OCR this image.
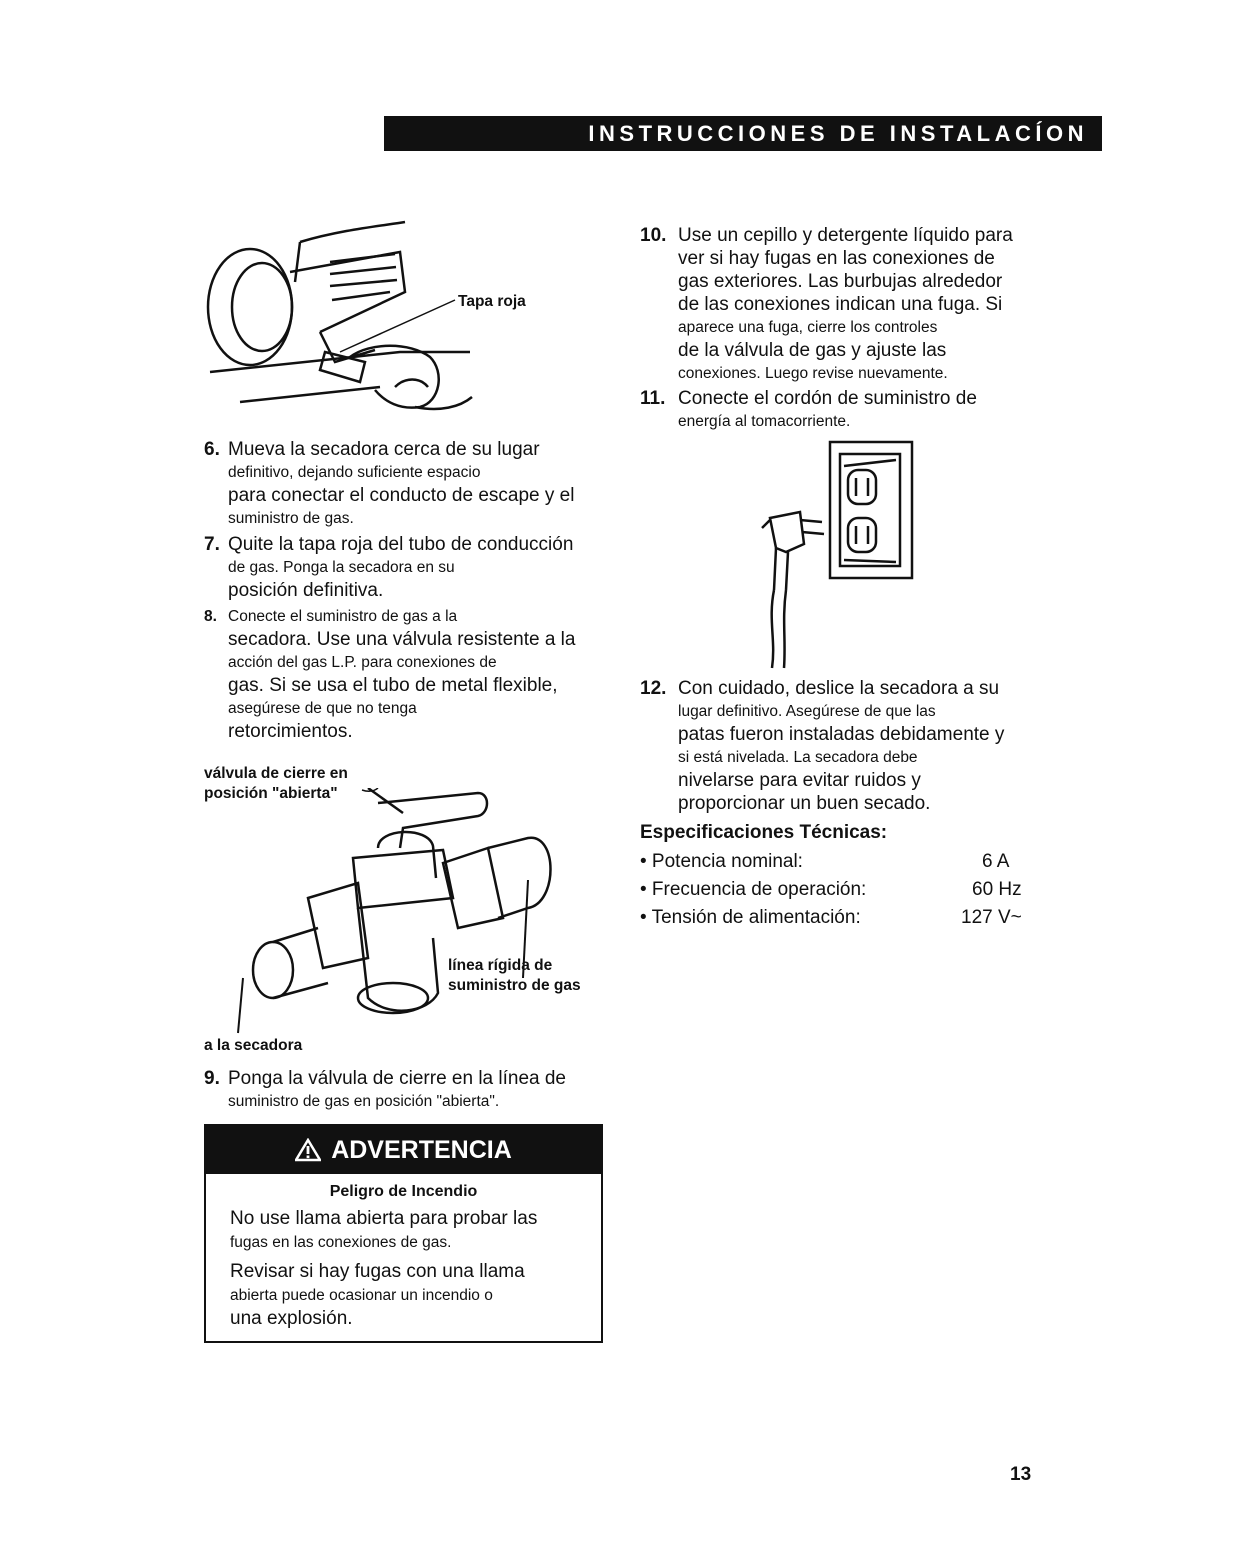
INSTRUCCIONES DE INSTALACÍON
Tapa roja
6. Mueva la secadora cerca de su lugar
definitivo, dejando suficiente espacio
para conectar el conducto de escape y el
suministro de gas.
7. Quite la tapa roja del tubo de conducción
de gas. Ponga la secadora en su
posición definitiva.
8. Conecte el suministro de gas a la
secadora. Use una válvula resistente a la
acción del gas L.P. para conexiones de
gas. Si se usa el tubo de metal flexible,
asegúrese de que no tenga
retorcimientos.
válvula de cierre en
posición "abierta"
línea rígida de
suministro de gas
a la secadora
9. Ponga la válvula de cierre en la línea de
suministro de gas en posición "abierta".
ADVERTENCIA
Peligro de Incendio

No use llama abierta para probar las
fugas en las conexiones de gas.

Revisar si hay fugas con una llama
abierta puede ocasionar un incendio o
una explosión.

10. Use un cepillo y detergente líquido para
ver si hay fugas en las conexiones de
gas exteriores. Las burbujas alrededor
de las conexiones indican una fuga. Si
aparece una fuga, cierre los controles
de la válvula de gas y ajuste las
conexiones. Luego revise nuevamente.
11. Conecte el cordón de suministro de
energía al tomacorriente.
12. Con cuidado, deslice la secadora a su
lugar definitivo. Asegúrese de que las
patas fueron instaladas debidamente y
si está nivelada. La secadora debe
nivelarse para evitar ruidos y
proporcionar un buen secado.
Especificaciones Técnicas:
• Potencia nominal:	6 A
• Frecuencia de operación:	60 Hz
• Tensión de alimentación:	127 V~
13
